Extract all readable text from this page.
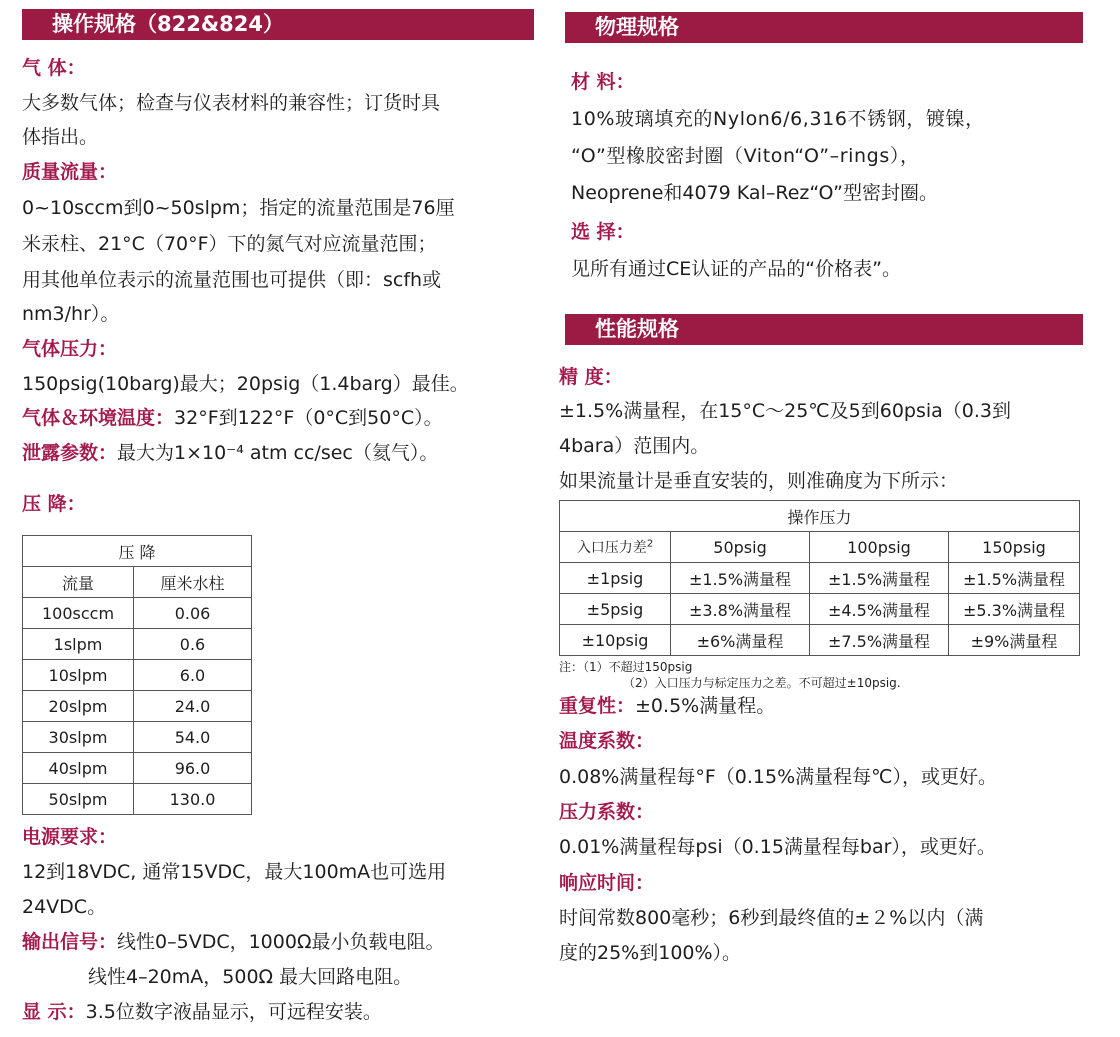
操作规格（822&824）
气 体：
大多数气体；检查与仪表材料的兼容性；订货时具
体指出。
质量流量：
0~10sccm到0~50slpm；指定的流量范围是76厘
米汞柱、21°C（70°F）下的氮气对应流量范围；
用其他单位表示的流量范围也可提供（即：scfh或
nm3/hr）。
气体压力：
150psig(10barg)最大；20psig（1.4barg）最佳。
气体＆环境温度：32°F到122°F（0°C到50°C）。
泄露参数：最大为1×10⁻⁴ atm cc/sec（氦气）。
压 降：
压 降	
流量	厘米水柱
100sccm	0.06
1slpm	0.6
10slpm	6.0
20slpm	24.0
30slpm	54.0
40slpm	96.0
50slpm	130.0
电源要求：
12到18VDC, 通常15VDC，最大100mA也可选用
24VDC。
输出信号：线性0–5VDC，1000Ω最小负载电阻。
线性4–20mA，500Ω 最大回路电阻。
显 示：3.5位数字液晶显示，可远程安装。
物理规格
材 料：
10%玻璃填充的Nylon6/6,316不锈钢，镀镍，
“O”型橡胶密封圈（Viton“O”–rings），
Neoprene和4079 Kal–Rez“O”型密封圈。
选 择：
见所有通过CE认证的产品的“价格表”。
性能规格
精 度：
±1.5%满量程，在15°C～25℃及5到60psia（0.3到
4bara）范围内。
如果流量计是垂直安装的，则准确度为下所示：
操作压力			
入口压力差$^2$	50psig	100psig	150psig
±1psig	±1.5%满量程	±1.5%满量程	±1.5%满量程
±5psig	±3.8%满量程	±4.5%满量程	±5.3%满量程
±10psig	±6%满量程	±7.5%满量程	±9%满量程
注：（1）不超过150psig
（2）入口压力与标定压力之差。不可超过±10psig.
重复性：±0.5%满量程。
温度系数：
0.08%满量程每°F（0.15%满量程每℃），或更好。
压力系数：
0.01%满量程每psi（0.15满量程每bar），或更好。
响应时间：
时间常数800毫秒；6秒到最终值的±２%以内（满
度的25%到100%）。
